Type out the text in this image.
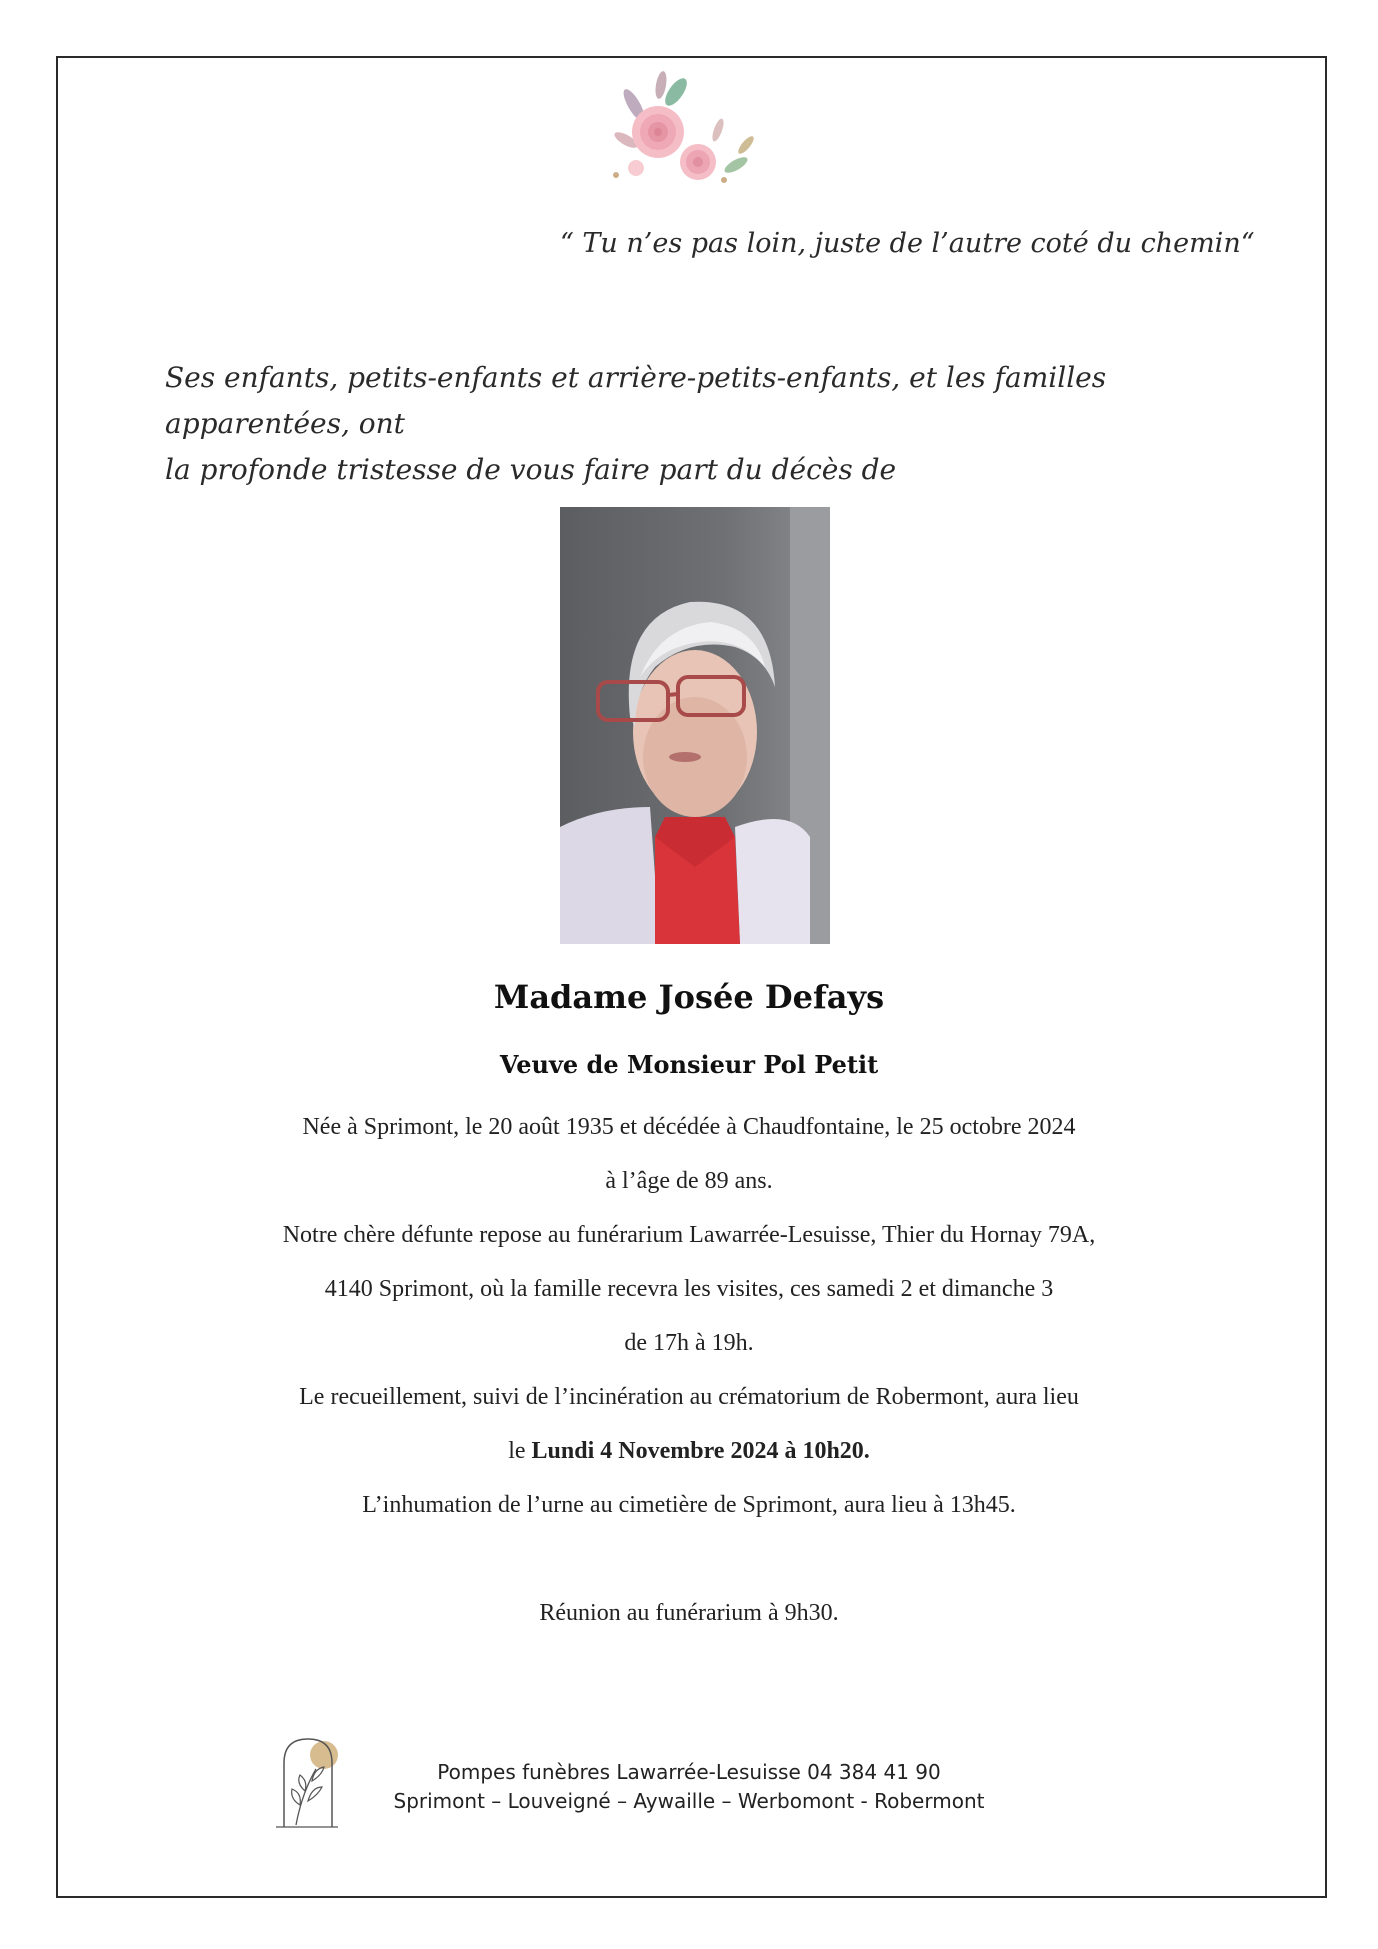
“ Tu n’es pas loin, juste de l’autre coté du chemin“
Ses enfants, petits-enfants et arrière-petits-enfants, et les familles apparentées, ont
la profonde tristesse de vous faire part du décès de
Madame Josée Defays
Veuve de Monsieur Pol Petit
Née à Sprimont, le 20 août 1935 et décédée à Chaudfontaine, le 25 octobre 2024
à l’âge de 89 ans.
Notre chère défunte repose au funérarium Lawarrée-Lesuisse, Thier du Hornay 79A,
4140 Sprimont, où la famille recevra les visites, ces samedi 2 et dimanche 3
de 17h à 19h.
Le recueillement, suivi de l’incinération au crématorium de Robermont, aura lieu
le Lundi 4 Novembre 2024 à 10h20.
L’inhumation de l’urne au cimetière de Sprimont, aura lieu à 13h45.
Réunion au funérarium à 9h30.
Pompes funèbres Lawarrée-Lesuisse 04 384 41 90
Sprimont – Louveigné – Aywaille – Werbomont - Robermont
